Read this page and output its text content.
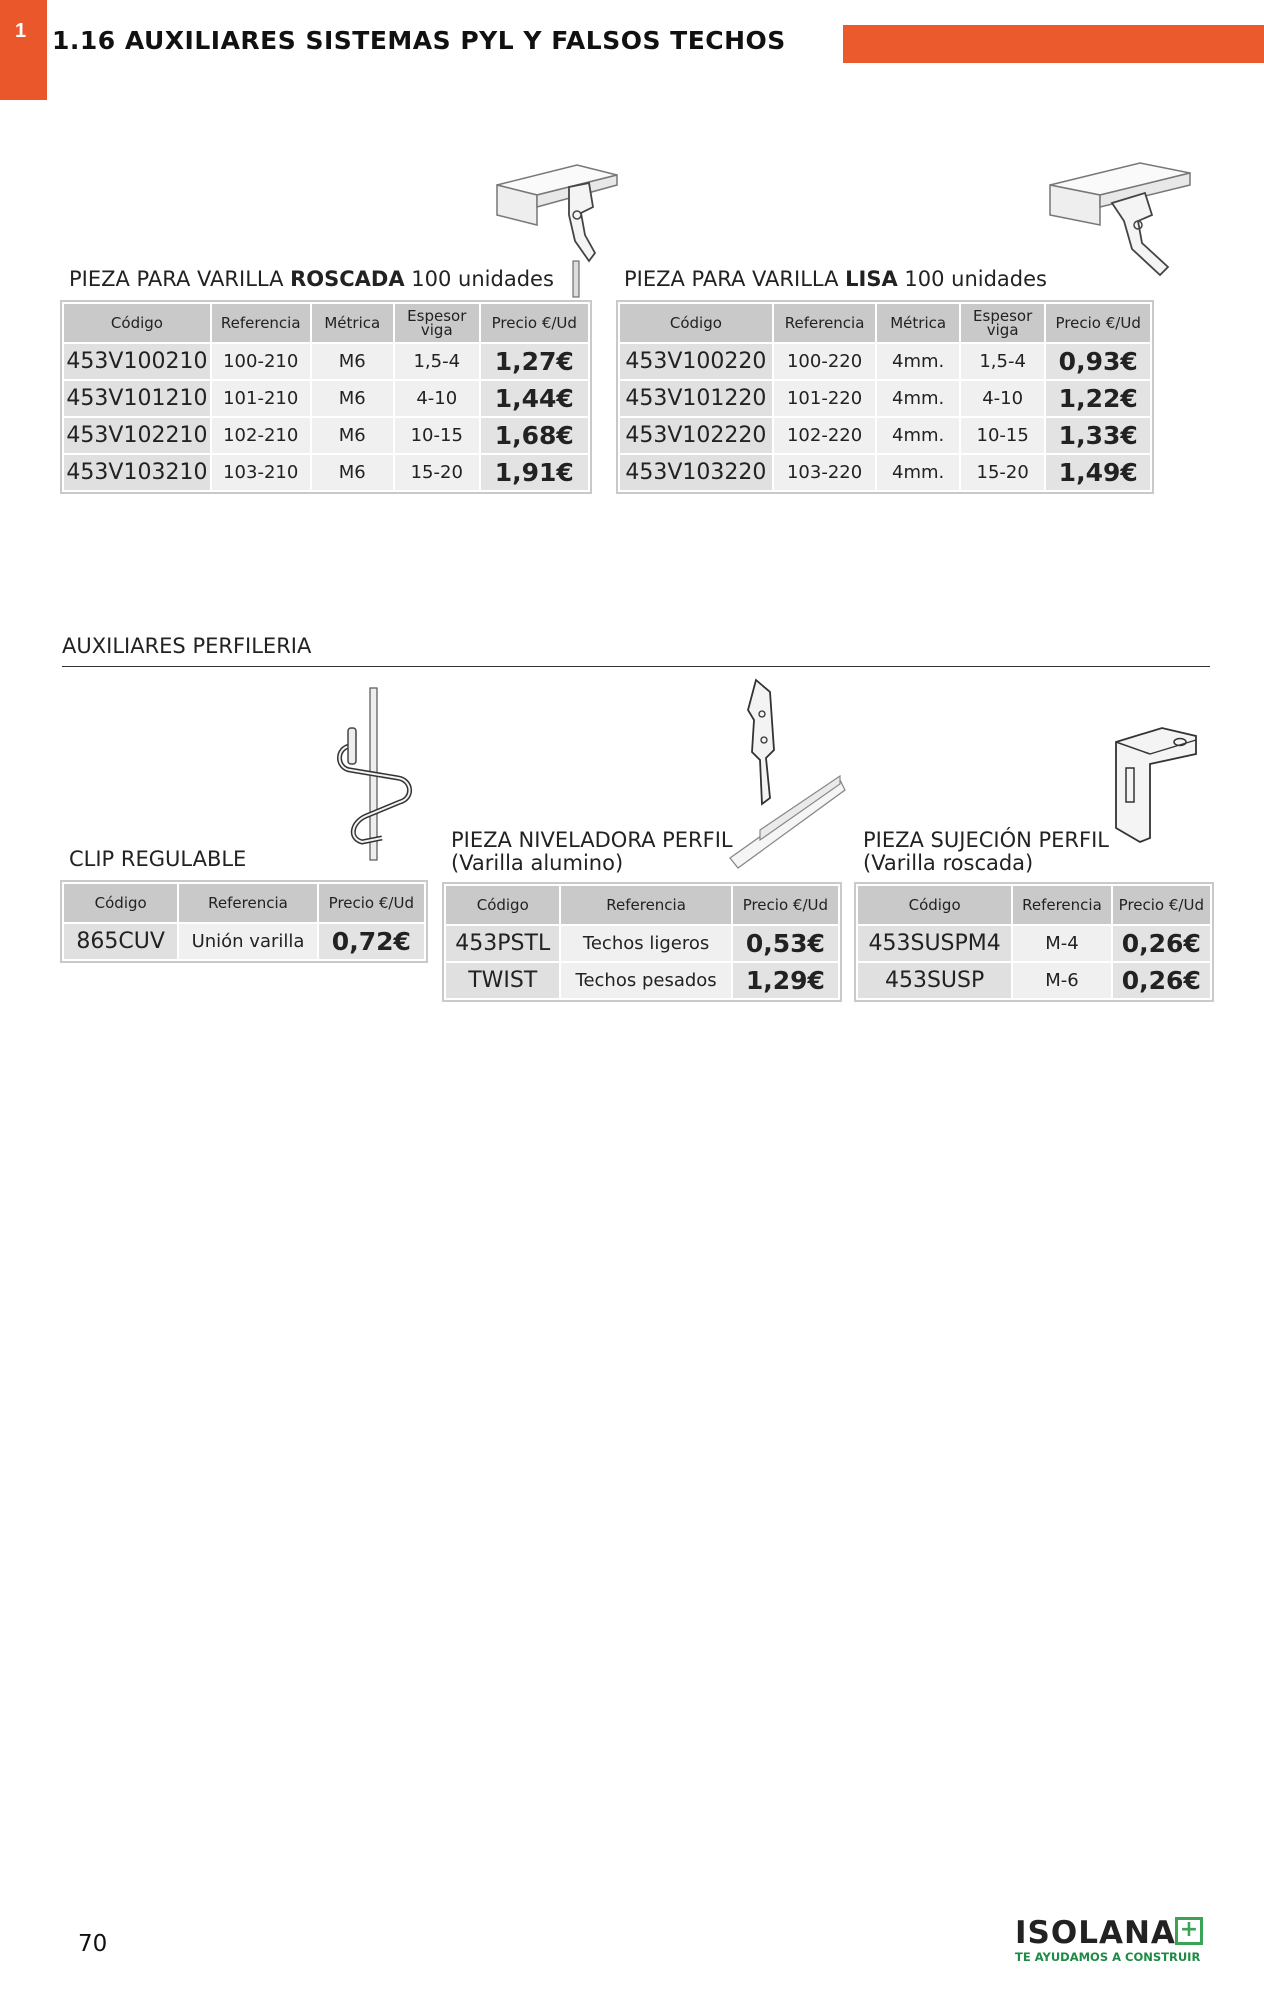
1 1.16 AUXILIARES SISTEMAS PYL Y FALSOS TECHOS
PIEZA PARA VARILLA ROSCADA 100 unidades	PIEZA PARA VARILLA LISA 100 unidades
Código	Referencia	Métrica	Espesor viga	Precio €/Ud
453V100210	100-210	M6	1,5-4	1,27€
453V101210	101-210	M6	4-10	1,44€
453V102210	102-210	M6	10-15	1,68€
453V103210	103-210	M6	15-20	1,91€
Código	Referencia	Métrica	Espesor viga	Precio €/Ud
453V100220	100-220	4mm.	1,5-4	0,93€
453V101220	101-220	4mm.	4-10	1,22€
453V102220	102-220	4mm.	10-15	1,33€
453V103220	103-220	4mm.	15-20	1,49€
AUXILIARES PERFILERIA
CLIP REGULABLE
Código	Referencia	Precio €/Ud
865CUV	Unión varilla	0,72€
PIEZA NIVELADORA PERFIL
(Varilla alumino)
Código	Referencia	Precio €/Ud
453PSTL	Techos ligeros	0,53€
TWIST	Techos pesados	1,29€
PIEZA SUJECIÓN PERFIL
(Varilla roscada)
Código	Referencia	Precio €/Ud
453SUSPM4	M-4	0,26€
453SUSP	M-6	0,26€
70	ISOLANA +
TE AYUDAMOS A CONSTRUIR
